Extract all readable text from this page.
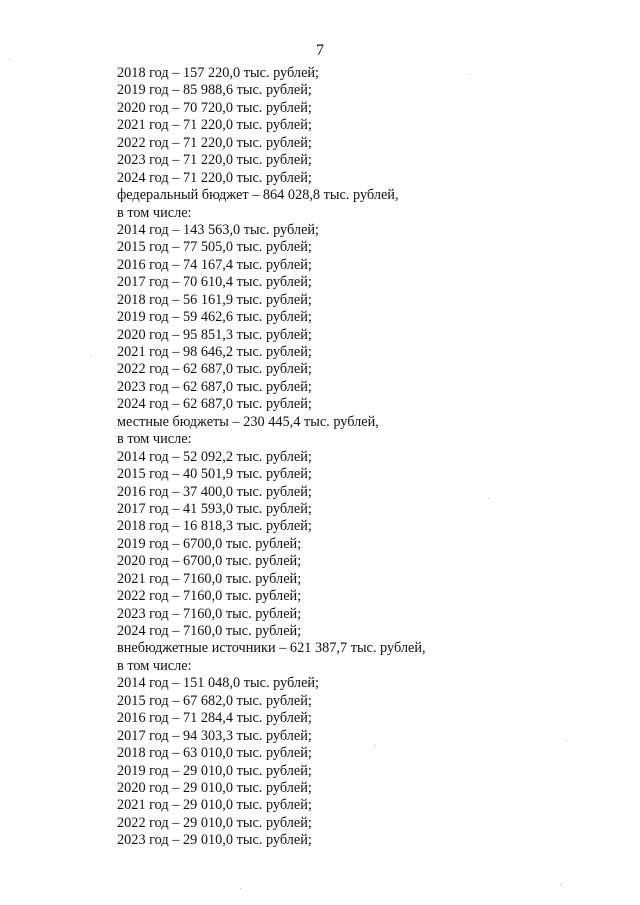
7
2018 год – 157 220,0 тыс. рублей;
2019 год – 85 988,6 тыс. рублей;
2020 год – 70 720,0 тыс. рублей;
2021 год – 71 220,0 тыс. рублей;
2022 год – 71 220,0 тыс. рублей;
2023 год – 71 220,0 тыс. рублей;
2024 год – 71 220,0 тыс. рублей;
федеральный бюджет – 864 028,8 тыс. рублей,
в том числе:
2014 год – 143 563,0 тыс. рублей;
2015 год – 77 505,0 тыс. рублей;
2016 год – 74 167,4 тыс. рублей;
2017 год – 70 610,4 тыс. рублей;
2018 год – 56 161,9 тыс. рублей;
2019 год – 59 462,6 тыс. рублей;
2020 год – 95 851,3 тыс. рублей;
2021 год – 98 646,2 тыс. рублей;
2022 год – 62 687,0 тыс. рублей;
2023 год – 62 687,0 тыс. рублей;
2024 год – 62 687,0 тыс. рублей;
местные бюджеты – 230 445,4 тыс. рублей,
в том числе:
2014 год – 52 092,2 тыс. рублей;
2015 год – 40 501,9 тыс. рублей;
2016 год – 37 400,0 тыс. рублей;
2017 год – 41 593,0 тыс. рублей;
2018 год – 16 818,3 тыс. рублей;
2019 год – 6700,0 тыс. рублей;
2020 год – 6700,0 тыс. рублей;
2021 год – 7160,0 тыс. рублей;
2022 год – 7160,0 тыс. рублей;
2023 год – 7160,0 тыс. рублей;
2024 год – 7160,0 тыс. рублей;
внебюджетные источники – 621 387,7 тыс. рублей,
в том числе:
2014 год – 151 048,0 тыс. рублей;
2015 год – 67 682,0 тыс. рублей;
2016 год – 71 284,4 тыс. рублей;
2017 год – 94 303,3 тыс. рублей;
2018 год – 63 010,0 тыс. рублей;
2019 год – 29 010,0 тыс. рублей;
2020 год – 29 010,0 тыс. рублей;
2021 год – 29 010,0 тыс. рублей;
2022 год – 29 010,0 тыс. рублей;
2023 год – 29 010,0 тыс. рублей;
